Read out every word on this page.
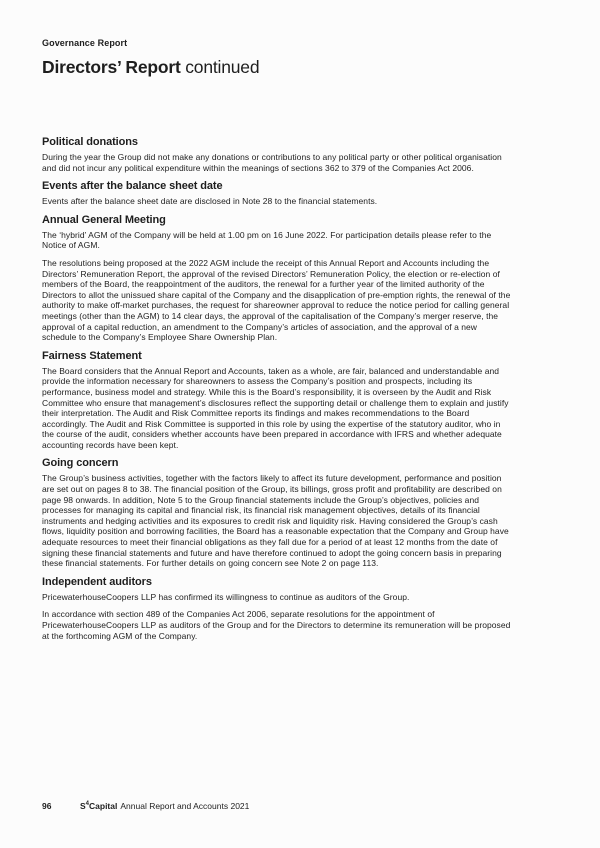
Governance Report
Directors’ Report continued
Political donations

During the year the Group did not make any donations or contributions to any political party or other political organisation and did not incur any political expenditure within the meanings of sections 362 to 379 of the Companies Act 2006.

Events after the balance sheet date

Events after the balance sheet date are disclosed in Note 28 to the financial statements.

Annual General Meeting

The ‘hybrid’ AGM of the Company will be held at 1.00 pm on 16 June 2022. For participation details please refer to the Notice of AGM.

The resolutions being proposed at the 2022 AGM include the receipt of this Annual Report and Accounts including the Directors’ Remuneration Report, the approval of the revised Directors’ Remuneration Policy, the election or re-election of members of the Board, the reappointment of the auditors, the renewal for a further year of the limited authority of the Directors to allot the unissued share capital of the Company and the disapplication of pre-emption rights, the renewal of the authority to make off-market purchases, the request for shareowner approval to reduce the notice period for calling general meetings (other than the AGM) to 14 clear days, the approval of the capitalisation of the Company’s merger reserve, the approval of a capital reduction, an amendment to the Company’s articles of association, and the approval of a new schedule to the Company’s Employee Share Ownership Plan.

Fairness Statement

The Board considers that the Annual Report and Accounts, taken as a whole, are fair, balanced and understandable and provide the information necessary for shareowners to assess the Company’s position and prospects, including its performance, business model and strategy. While this is the Board’s responsibility, it is overseen by the Audit and Risk Committee who ensure that management’s disclosures reflect the supporting detail or challenge them to explain and justify their interpretation. The Audit and Risk Committee reports its findings and makes recommendations to the Board accordingly. The Audit and Risk Committee is supported in this role by using the expertise of the statutory auditor, who in the course of the audit, considers whether accounts have been prepared in accordance with IFRS and whether adequate accounting records have been kept.

Going concern

The Group’s business activities, together with the factors likely to affect its future development, performance and position are set out on pages 8 to 38. The financial position of the Group, its billings, gross profit and profitability are described on page 98 onwards. In addition, Note 5 to the Group financial statements include the Group’s objectives, policies and processes for managing its capital and financial risk, its financial risk management objectives, details of its financial instruments and hedging activities and its exposures to credit risk and liquidity risk. Having considered the Group’s cash flows, liquidity position and borrowing facilities, the Board has a reasonable expectation that the Company and Group have adequate resources to meet their financial obligations as they fall due for a period of at least 12 months from the date of signing these financial statements and future and have therefore continued to adopt the going concern basis in preparing these financial statements. For further details on going concern see Note 2 on page 113.

Independent auditors

PricewaterhouseCoopers LLP has confirmed its willingness to continue as auditors of the Group.

In accordance with section 489 of the Companies Act 2006, separate resolutions for the appointment of PricewaterhouseCoopers LLP as auditors of the Group and for the Directors to determine its remuneration will be proposed at the forthcoming AGM of the Company.

96	$S^4Capital$ Annual Report and Accounts 2021
